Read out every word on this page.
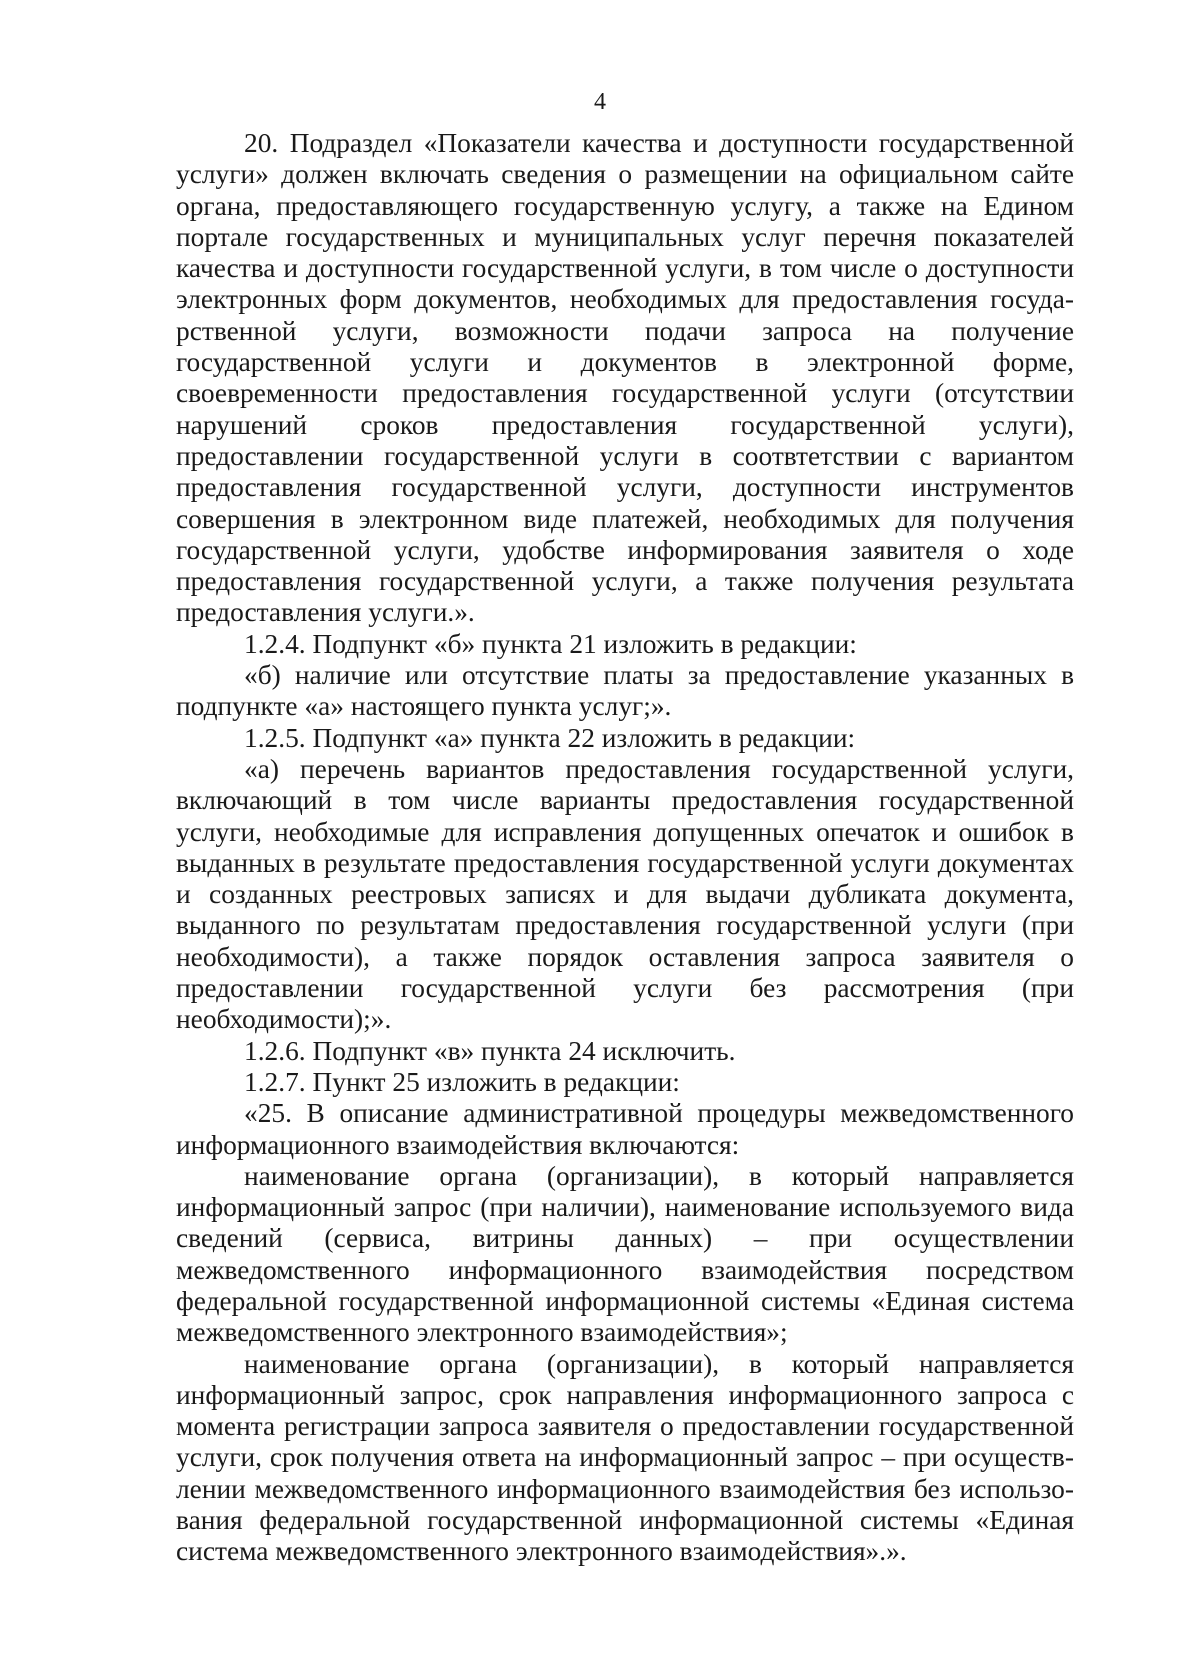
4

20. Подраздел «Показатели качества и доступности государственной услуги» должен включать сведения о размещении на официальном сайте органа, предоставляющего государственную услугу, а также на Едином портале государственных и муниципальных услуг перечня показателей качества и доступности государственной услуги, в том числе о доступности электронных форм документов, необходимых для предоставления государственной услуги, возможности подачи запроса на получение государственной услуги и документов в электронной форме, своевременности предоставления государственной услуги (отсутствии нарушений сроков предоставления государственной услуги), предоставлении государственной услуги в соотвтетствии с вариантом предоставления государственной услуги, доступности инструментов совершения в электронном виде платежей, необходимых для получения государственной услуги, удобстве информирования заявителя о ходе предоставления государственной услуги, а также получения результата предоставления услуги.».

1.2.4. Подпункт «б» пункта 21 изложить в редакции:

«б) наличие или отсутствие платы за предоставление указанных в подпункте «а» настоящего пункта услуг;».

1.2.5. Подпункт «а» пункта 22 изложить в редакции:

«а) перечень вариантов предоставления государственной услуги, включающий в том числе варианты предоставления государственной услуги, необходимые для исправления допущенных опечаток и ошибок в выданных в результате предоставления государственной услуги документах и созданных реестровых записях и для выдачи дубликата документа, выданного по результатам предоставления государственной услуги (при необходимости), а также порядок оставления запроса заявителя о предоставлении государственной услуги без рассмотрения (при необходимости);».

1.2.6. Подпункт «в» пункта 24 исключить.

1.2.7. Пункт 25 изложить в редакции:

«25. В описание административной процедуры межведомственного информационного взаимодействия включаются:

наименование органа (организации), в который направляется информационный запрос (при наличии), наименование используемого вида сведений (сервиса, витрины данных) – при осуществлении межведомственного информационного взаимодействия посредством федеральной государственной информационной системы «Единая система межведомственного электронного взаимодействия»;

наименование органа (организации), в который направляется информационный запрос, срок направления информационного запроса с момента регистрации запроса заявителя о предоставлении государственной услуги, срок получения ответа на информационный запрос – при осуществлении межведомственного информационного взаимодействия без использования федеральной государственной информационной системы «Единая система межведомственного электронного взаимодействия».».
